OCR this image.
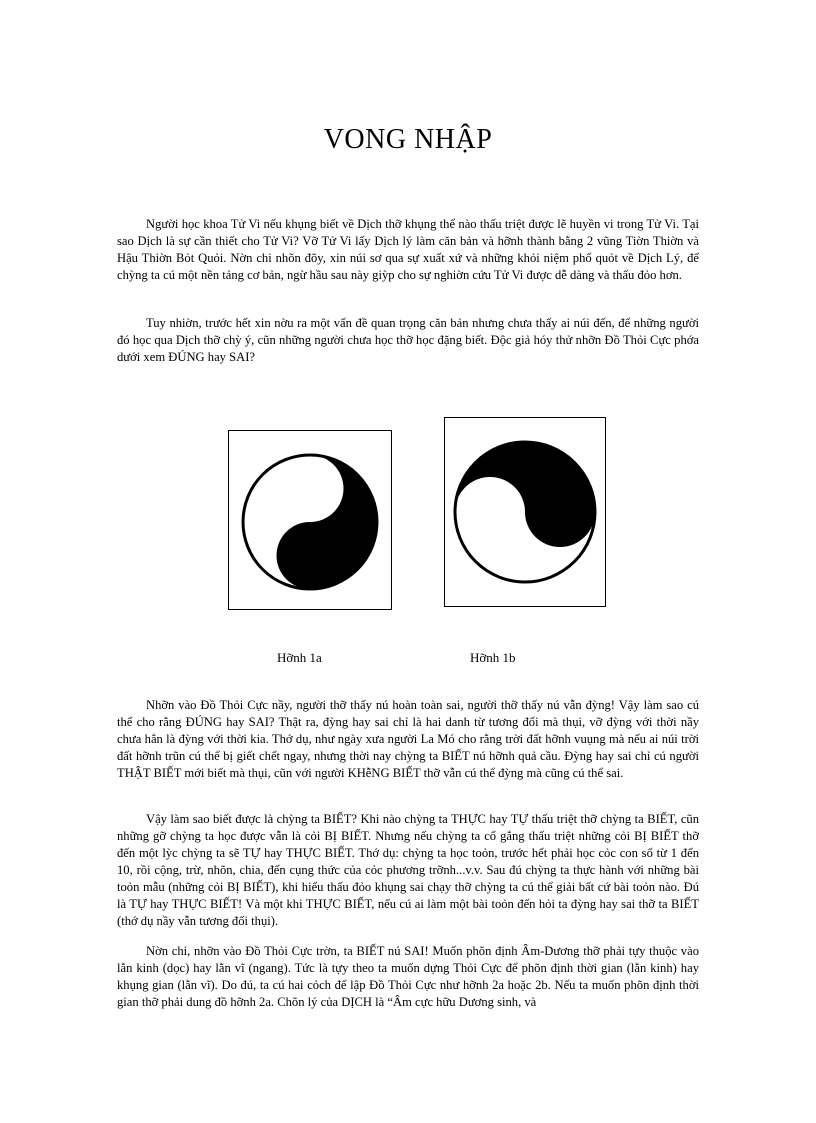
VONG NHẬP

Người học khoa Tử Vi nếu khụng biết về Dịch thỡ khụng thể nào thấu triệt được lẽ huyền vi trong Tử Vi. Tại sao Dịch là sự cần thiết cho Tử Vi? Vỡ Tử Vi lấy Dịch lý làm căn bản và hỡnh thành bằng 2 vũng Tiờn Thiờn và Hậu Thiờn Bỏt Quỏi. Nờn chi nhõn đõy, xin núi sơ qua sự xuất xứ và những khỏi niệm phổ quỏt về Dịch Lý, để chỳng ta cú một nền tảng cơ bản, ngừ hầu sau này giỳp cho sự nghiờn cứu Tử Vi được dễ dàng và thấu đỏo hơn.

Tuy nhiờn, trước hết xin nờu ra một vấn đề quan trọng căn bản nhưng chưa thấy ai núi đến, để những người đó học qua Dịch thỡ chỳ ý, cũn những người chưa học thỡ học đặng biết. Độc giả hóy thử nhỡn Đồ Thỏi Cực phớa dưới xem ĐÚNG hay SAI?

Hỡnh 1a	Hỡnh 1b

Nhỡn vào Đồ Thỏi Cực nầy, người thỡ thấy nú hoàn toàn sai, người thỡ thấy nú vẫn đỳng! Vậy làm sao cú thể cho rằng ĐÚNG hay SAI? Thật ra, đỳng hay sai chỉ là hai danh từ tương đối mà thụi, vỡ đỳng với thời nầy chưa hẳn là đỳng với thời kia. Thớ dụ, như ngày xưa người La Mó cho rằng trời đất hỡnh vuụng mà nếu ai núi trời đất hỡnh trũn cú thể bị giết chết ngay, nhưng thời nay chỳng ta BIẾT nú hỡnh quả cầu. Đỳng hay sai chỉ cú người THẬT BIẾT mới biết mà thụi, cũn với người KHễNG BIẾT thỡ vẫn cú thể đỳng mà cũng cú thể sai.

Vậy làm sao biết được là chỳng ta BIẾT? Khi nào chỳng ta THỰC hay TỰ thấu triệt thỡ chỳng ta BIẾT, cũn những gỡ chỳng ta học được vẫn là cỏi BỊ BIẾT. Nhưng nếu chỳng ta cố gắng thấu triệt những cỏi BỊ BIẾT thỡ đến một lỳc chỳng ta sẽ TỰ hay THỰC BIẾT. Thớ dụ: chỳng ta học toỏn, trước hết phải học cỏc con số từ 1 đến 10, rồi cộng, trừ, nhõn, chia, đến cụng thức của cỏc phương trỡnh...v.v. Sau đú chỳng ta thực hành với những bài toỏn mẫu (những cỏi BỊ BIẾT), khi hiểu thấu đỏo khụng sai chạy thỡ chỳng ta cú thể giải bất cứ bài toỏn nào. Đú là TỰ hay THỰC BIẾT! Và một khi THỰC BIẾT, nếu cú ai làm một bài toỏn đến hỏi ta đỳng hay sai thỡ ta BIẾT (thớ dụ nầy vẫn tương đối thụi).

Nờn chi, nhỡn vào Đồ Thỏi Cực trờn, ta BIẾT nú SAI! Muốn phõn định Âm-Dương thỡ phải tựy thuộc vào lằn kinh (dọc) hay lằn vĩ (ngang). Tức là tựy theo ta muốn dựng Thỏi Cực để phõn định thời gian (lằn kinh) hay khụng gian (lằn vĩ). Do đú, ta cú hai cỏch để lập Đồ Thỏi Cực như hỡnh 2a hoặc 2b. Nếu ta muốn phõn định thời gian thỡ phải dung đồ hỡnh 2a. Chõn lý của DỊCH là “Âm cực hữu Dương sinh, và
